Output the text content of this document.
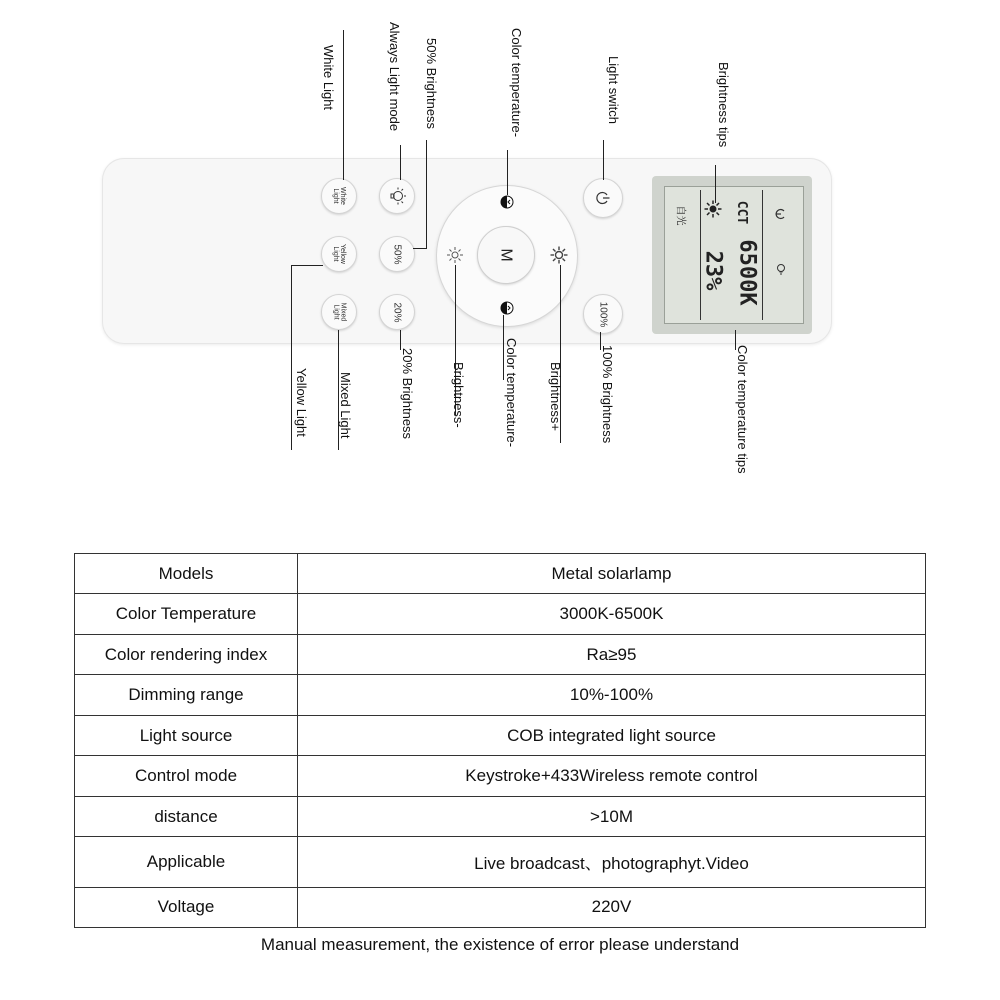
White
Light
Yellow
Light
Mixed
Light
50%
20%
M
100%
自光	CCT
6500K
23%
White Light	Always Light mode 50% Brightness	Color temperature-	Light switch	Brightness tips
Yellow Light Mixed Light	20% Brightness	Brightness-	Color temperature- Brightness+	100% Brightness	Color temperature tips
Models	Metal solarlamp
Color Temperature	3000K-6500K
Color rendering index	Ra≥95
Dimming range	10%-100%
Light source	COB integrated light source
Control mode	Keystroke+433Wireless remote control
distance	>10M
Applicable	Live broadcast、photographyt.Video
Voltage	220V
Manual measurement, the existence of error please understand
